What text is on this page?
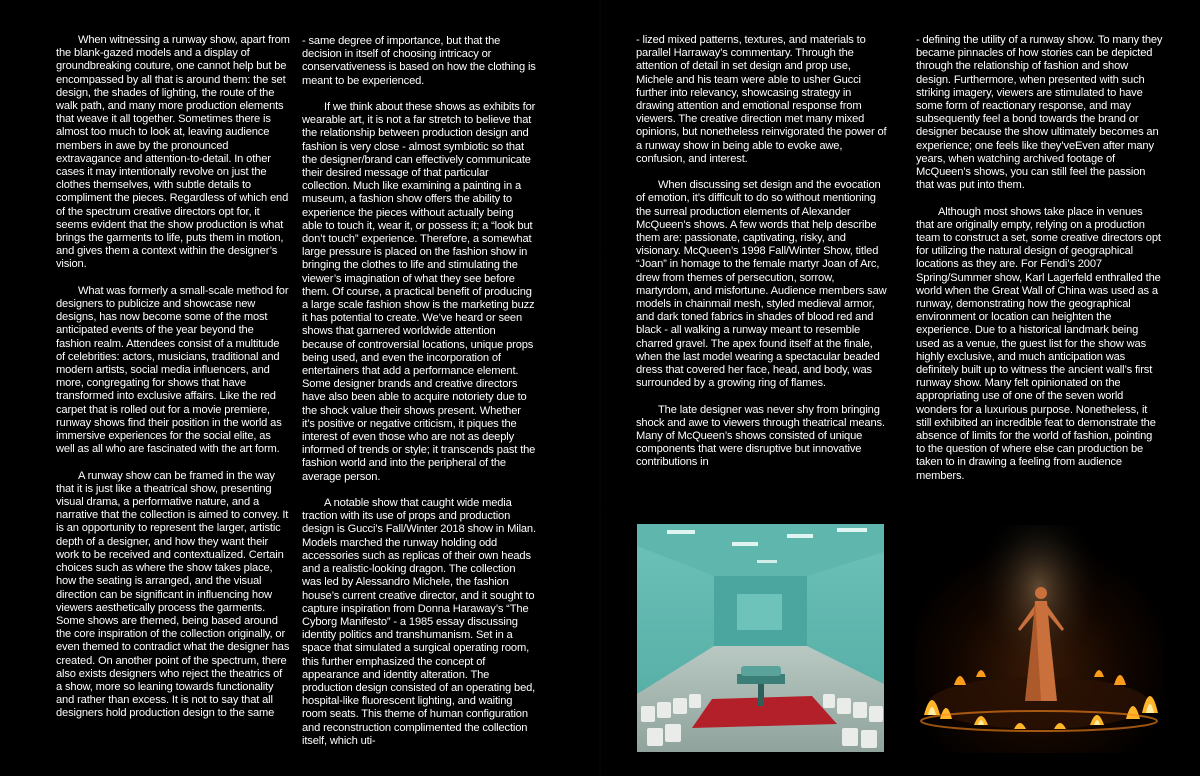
When witnessing a runway show, apart from the blank-gazed models and a display of groundbreaking couture, one cannot help but be encompassed by all that is around them: the set design, the shades of lighting, the route of the walk path, and many more production elements that weave it all together. Sometimes there is almost too much to look at, leaving audience members in awe by the pronounced extravagance and attention-to-detail. In other cases it may intentionally revolve on just the clothes themselves, with subtle details to compliment the pieces. Regardless of which end of the spectrum creative directors opt for, it seems evident that the show production is what brings the garments to life, puts them in motion, and gives them a context within the designer’s vision.

What was formerly a small-scale method for designers to publicize and showcase new designs, has now become some of the most anticipated events of the year beyond the fashion realm. Attendees consist of a multitude of celebrities: actors, musicians, traditional and modern artists, social media influencers, and more, congregating for shows that have transformed into exclusive affairs. Like the red carpet that is rolled out for a movie premiere, runway shows find their position in the world as immersive experiences for the social elite, as well as all who are fascinated with the art form.

A runway show can be framed in the way that it is just like a theatrical show, presenting visual drama, a performative nature, and a narrative that the collection is aimed to convey. It is an opportunity to represent the larger, artistic depth of a designer, and how they want their work to be received and contextualized. Certain choices such as where the show takes place, how the seating is arranged, and the visual direction can be significant in influencing how viewers aesthetically process the garments. Some shows are themed, being based around the core inspiration of the collection originally, or even themed to contradict what the designer has created. On another point of the spectrum, there also exists designers who reject the theatrics of a show, more so leaning towards functionality and rather than excess. It is not to say that all designers hold production design to the same

- same degree of importance, but that the decision in itself of choosing intricacy or conservativeness is based on how the clothing is meant to be experienced.

If we think about these shows as exhibits for wearable art, it is not a far stretch to believe that the relationship between production design and fashion is very close - almost symbiotic so that the designer/brand can effectively communicate their desired message of that particular collection. Much like examining a painting in a museum, a fashion show offers the ability to experience the pieces without actually being able to touch it, wear it, or possess it; a “look but don’t touch” experience. Therefore, a somewhat large pressure is placed on the fashion show in bringing the clothes to life and stimulating the viewer’s imagination of what they see before them. Of course, a practical benefit of producing a large scale fashion show is the marketing buzz it has potential to create. We’ve heard or seen shows that garnered worldwide attention because of controversial locations, unique props being used, and even the incorporation of entertainers that add a performance element. Some designer brands and creative directors have also been able to acquire notoriety due to the shock value their shows present. Whether it’s positive or negative criticism, it piques the interest of even those who are not as deeply informed of trends or style; it transcends past the fashion world and into the peripheral of the average person.

A notable show that caught wide media traction with its use of props and production design is Gucci’s Fall/Winter 2018 show in Milan. Models marched the runway holding odd accessories such as replicas of their own heads and a realistic-looking dragon. The collection was led by Alessandro Michele, the fashion house’s current creative director, and it sought to capture inspiration from Donna Haraway’s “The Cyborg Manifesto” - a 1985 essay discussing identity politics and transhumanism. Set in a space that simulated a surgical operating room, this further emphasized the concept of appearance and identity alteration. The production design consisted of an operating bed, hospital-like fluorescent lighting, and waiting room seats. This theme of human configuration and reconstruction complimented the collection itself, which uti-

- lized mixed patterns, textures, and materials to parallel Harraway’s commentary. Through the attention of detail in set design and prop use, Michele and his team were able to usher Gucci further into relevancy, showcasing strategy in drawing attention and emotional response from viewers. The creative direction met many mixed opinions, but nonetheless reinvigorated the power of a runway show in being able to evoke awe, confusion, and interest.

When discussing set design and the evocation of emotion, it’s difficult to do so without mentioning the surreal production elements of Alexander McQueen’s shows. A few words that help describe them are: passionate, captivating, risky, and visionary. McQueen’s 1998 Fall/Winter Show, titled “Joan” in homage to the female martyr Joan of Arc, drew from themes of persecution, sorrow, martyrdom, and misfortune. Audience members saw models in chainmail mesh, styled medieval armor, and dark toned fabrics in shades of blood red and black - all walking a runway meant to resemble charred gravel. The apex found itself at the finale, when the last model wearing a spectacular beaded dress that covered her face, head, and body, was surrounded by a growing ring of flames.

The late designer was never shy from bringing shock and awe to viewers through theatrical means. Many of McQueen’s shows consisted of unique components that were disruptive but innovative contributions in

- defining the utility of a runway show. To many they became pinnacles of how stories can be depicted through the relationship of fashion and show design. Furthermore, when presented with such striking imagery, viewers are stimulated to have some form of reactionary response, and may subsequently feel a bond towards the brand or designer because the show ultimately becomes an experience; one feels like they’veEven after many years, when watching archived footage of McQueen’s shows, you can still feel the passion that was put into them.

Although most shows take place in venues that are originally empty, relying on a production team to construct a set, some creative directors opt for utilizing the natural design of geographical locations as they are. For Fendi’s 2007 Spring/Summer show, Karl Lagerfeld enthralled the world when the Great Wall of China was used as a runway, demonstrating how the geographical environment or location can heighten the experience. Due to a historical landmark being used as a venue, the guest list for the show was highly exclusive, and much anticipation was definitely built up to witness the ancient wall’s first runway show. Many felt opinionated on the appropriating use of one of the seven world wonders for a luxurious purpose. Nonetheless, it still exhibited an incredible feat to demonstrate the absence of limits for the world of fashion, pointing to the question of where else can production be taken to in drawing a feeling from audience members.
